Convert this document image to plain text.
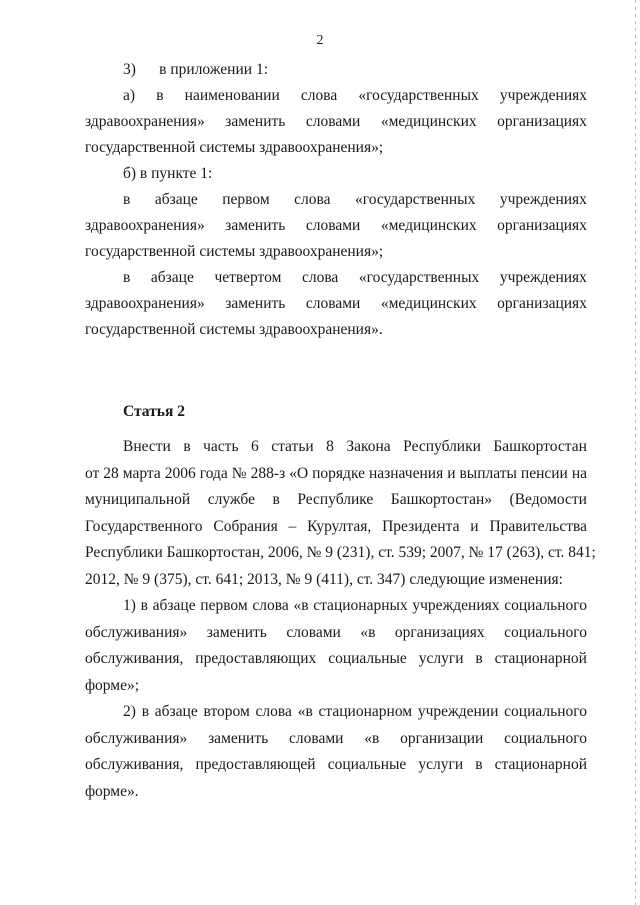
2
3)      в приложении 1:
а) в наименовании слова «государственных учреждениях
здравоохранения» заменить словами «медицинских организациях
государственной системы здравоохранения»;
б) в пункте 1:
в абзаце первом слова «государственных учреждениях
здравоохранения» заменить словами «медицинских организациях
государственной системы здравоохранения»;
в абзаце четвертом слова «государственных учреждениях
здравоохранения» заменить словами «медицинских организациях
государственной системы здравоохранения».
Статья 2
Внести в часть 6 статьи 8 Закона Республики Башкортостан
от 28 марта 2006 года № 288-з «О порядке назначения и выплаты пенсии на
муниципальной службе в Республике Башкортостан» (Ведомости
Государственного Собрания – Курултая, Президента и Правительства
Республики Башкортостан, 2006, № 9 (231), ст. 539; 2007, № 17 (263), ст. 841;
2012, № 9 (375), ст. 641; 2013, № 9 (411), ст. 347) следующие изменения:
1) в абзаце первом слова «в стационарных учреждениях социального
обслуживания» заменить словами «в организациях социального
обслуживания, предоставляющих социальные услуги в стационарной
форме»;
2) в абзаце втором слова «в стационарном учреждении социального
обслуживания» заменить словами «в организации социального
обслуживания, предоставляющей социальные услуги в стационарной
форме».
